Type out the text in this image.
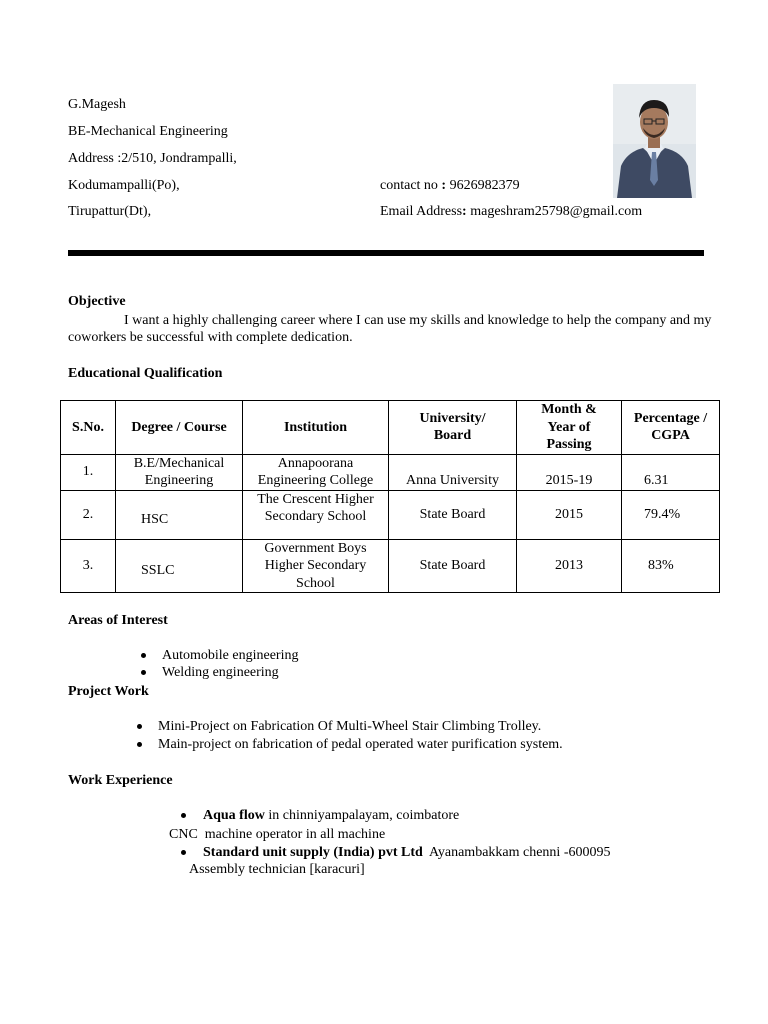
G.Magesh
BE-Mechanical Engineering
Address :2/510, Jondrampalli,
Kodumampalli(Po),
Tirupattur(Dt),
contact no : 9626982379
Email Address: mageshram25798@gmail.com
Objective
I want a highly challenging career where I can use my skills and knowledge to help the company and my coworkers be successful with complete dedication.
Educational Qualification
S.No.	Degree / Course	Institution	University/ Board	Month & Year of Passing	Percentage / CGPA
1.	B.E/Mechanical Engineering	Annapoorana Engineering College	Anna University	2015-19	6.31
2.	HSC	The Crescent Higher Secondary School	State Board	2015	79.4%
3.	SSLC	Government Boys Higher Secondary School	State Board	2013	83%
Areas of Interest
Automobile engineering
Welding engineering
Project Work
Mini-Project on Fabrication Of Multi-Wheel Stair Climbing Trolley.
Main-project on fabrication of pedal operated water purification system.
Work Experience
Aqua flow in chinniyampalayam, coimbatore
CNC  machine operator in all machine
Standard unit supply (India) pvt Ltd Ayanambakkam chenni -600095
Assembly technician [karacuri]
